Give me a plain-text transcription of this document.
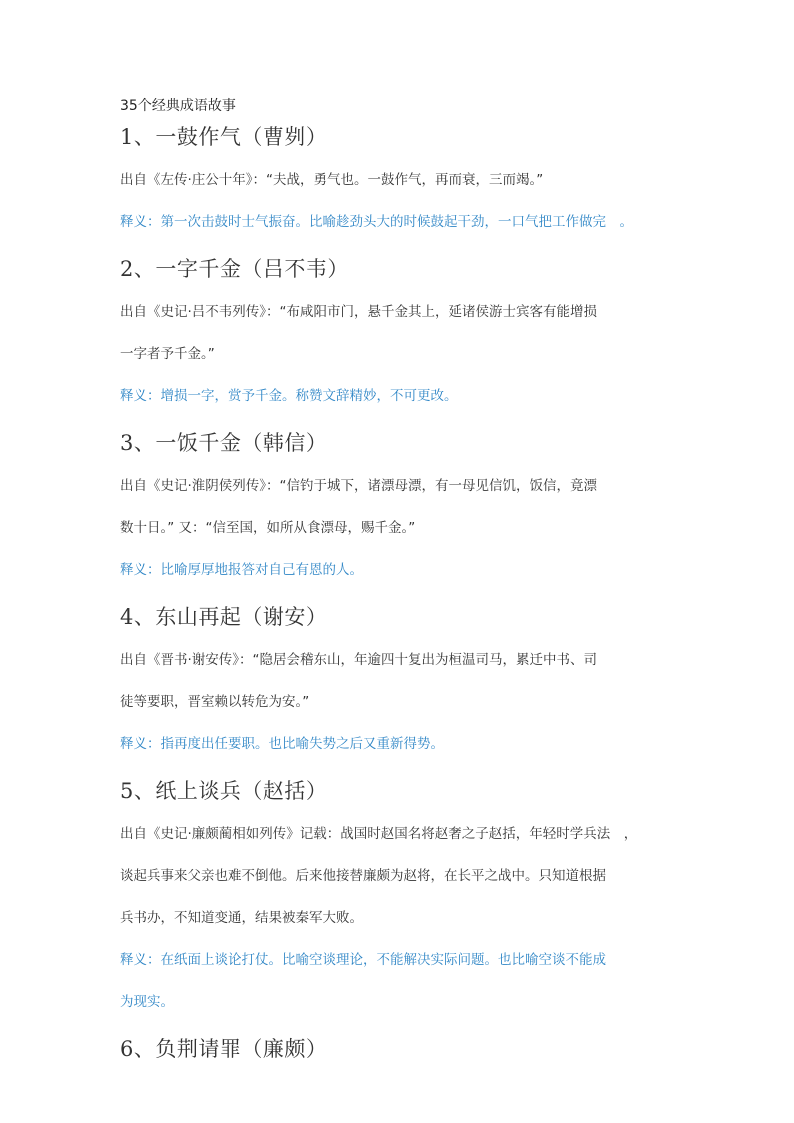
35个经典成语故事

1、一鼓作气（曹刿）

出自《左传·庄公十年》：“夫战，勇气也。一鼓作气，再而衰，三而竭。”

释义：第一次击鼓时士气振奋。比喻趁劲头大的时候鼓起干劲，一口气把工作做完　。

2、一字千金（吕不韦）

出自《史记·吕不韦列传》：“布咸阳市门，悬千金其上，延诸侯游士宾客有能增损

一字者予千金。”

释义：增损一字，赏予千金。称赞文辞精妙，不可更改。

3、一饭千金（韩信）

出自《史记·淮阴侯列传》：“信钓于城下，诸漂母漂，有一母见信饥，饭信，竟漂

数十日。” 又：“信至国，如所从食漂母，赐千金。”

释义：比喻厚厚地报答对自己有恩的人。

4、东山再起（谢安）

出自《晋书·谢安传》：“隐居会稽东山，年逾四十复出为桓温司马，累迁中书、司

徒等要职，晋室赖以转危为安。”

释义：指再度出任要职。也比喻失势之后又重新得势。

5、纸上谈兵（赵括）

出自《史记·廉颇蔺相如列传》记载：战国时赵国名将赵奢之子赵括，年轻时学兵法　，

谈起兵事来父亲也难不倒他。后来他接替廉颇为赵将，在长平之战中。只知道根据

兵书办，不知道变通，结果被秦军大败。

释义：在纸面上谈论打仗。比喻空谈理论，不能解决实际问题。也比喻空谈不能成

为现实。

6、负荆请罪（廉颇）
